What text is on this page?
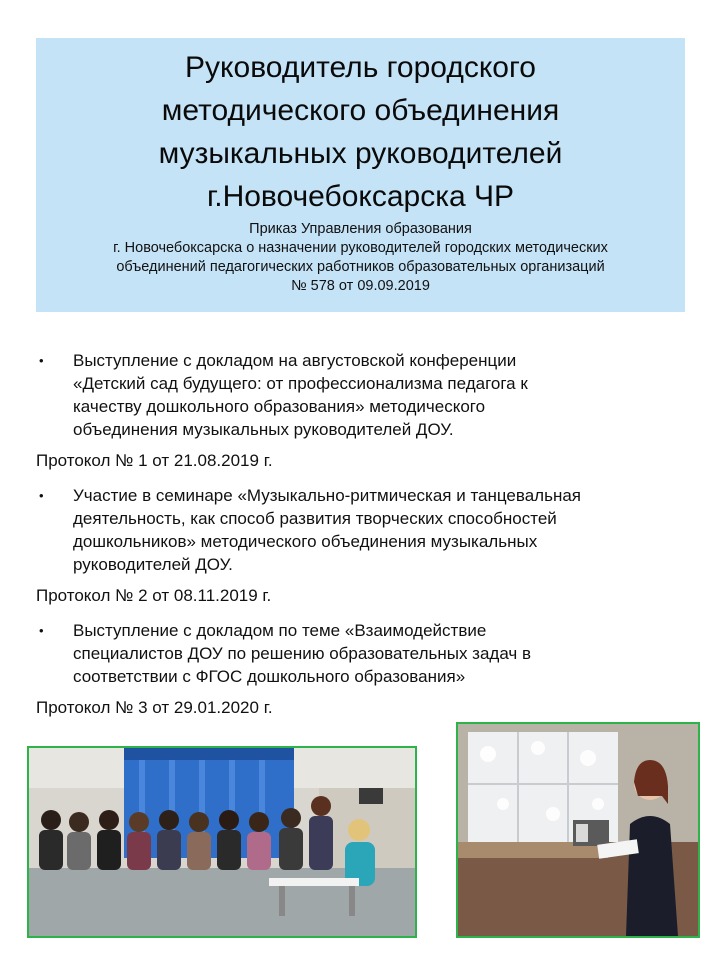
Руководитель городского
методического объединения
музыкальных руководителей
г.Новочебоксарска ЧР
Приказ Управления образования
г. Новочебоксарска о назначении руководителей городских методических
объединений педагогических работников образовательных организаций
№ 578 от 09.09.2019
• Выступление с докладом на августовской конференции
«Детский сад будущего: от профессионализма педагога к
качеству дошкольного образования» методического
объединения музыкальных руководителей ДОУ.
Протокол № 1 от 21.08.2019 г.
• Участие в семинаре «Музыкально-ритмическая и танцевальная
деятельность, как способ развития творческих способностей
дошкольников» методического объединения музыкальных
руководителей ДОУ.
Протокол № 2 от 08.11.2019 г.
• Выступление с докладом по теме «Взаимодействие
специалистов ДОУ по решению образовательных задач в
соответствии с ФГОС дошкольного образования»
Протокол № 3 от 29.01.2020 г.
